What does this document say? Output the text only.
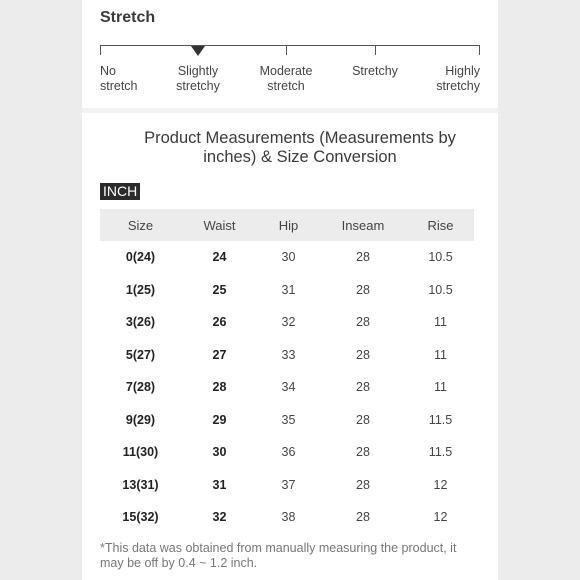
Stretch
No
stretch
Slightly
stretchy
Moderate
stretch
Stretchy	Highly
stretchy
Product Measurements (Measurements by inches) & Size Conversion
INCH
Size	Waist	Hip	Inseam	Rise
0(24)	24	30	28	10.5
1(25)	25	31	28	10.5
3(26)	26	32	28	11
5(27)	27	33	28	11
7(28)	28	34	28	11
9(29)	29	35	28	11.5
11(30)	30	36	28	11.5
13(31)	31	37	28	12
15(32)	32	38	28	12
*This data was obtained from manually measuring the product, it may be off by 0.4 ~ 1.2 inch.
